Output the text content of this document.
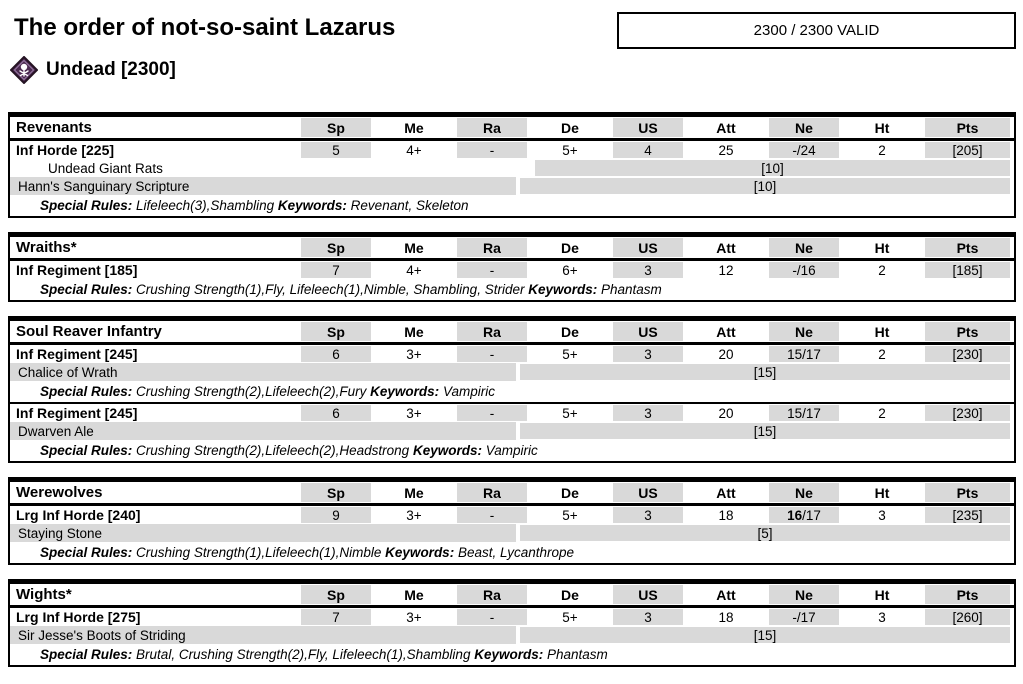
The order of not-so-saint Lazarus	2300 / 2300 VALID
Undead [2300]
Revenants	Sp	Me	Ra	De	US	Att	Ne	Ht	Pts
Inf Horde [225]	5	4+	-	5+	4	25	-/24	2	[205]
Undead Giant Rats	[10]
Hann's Sanguinary Scripture	[10]
Special Rules: Lifeleech(3),Shambling Keywords: Revenant, Skeleton
Wraiths*	Sp	Me	Ra	De	US	Att	Ne	Ht	Pts
Inf Regiment [185]	7	4+	-	6+	3	12	-/16	2	[185]
Special Rules: Crushing Strength(1),Fly, Lifeleech(1),Nimble, Shambling, Strider Keywords: Phantasm
Soul Reaver Infantry	Sp	Me	Ra	De	US	Att	Ne	Ht	Pts
Inf Regiment [245]	6	3+	-	5+	3	20	15/17	2	[230]
Chalice of Wrath	[15]
Special Rules: Crushing Strength(2),Lifeleech(2),Fury Keywords: Vampiric
Inf Regiment [245]	6	3+	-	5+	3	20	15/17	2	[230]
Dwarven Ale	[15]
Special Rules: Crushing Strength(2),Lifeleech(2),Headstrong Keywords: Vampiric
Werewolves	Sp	Me	Ra	De	US	Att	Ne	Ht	Pts
Lrg Inf Horde [240]	9	3+	-	5+	3	18	16 /17	3	[235]
Staying Stone	[5]
Special Rules: Crushing Strength(1),Lifeleech(1),Nimble Keywords: Beast, Lycanthrope
Wights*	Sp	Me	Ra	De	US	Att	Ne	Ht	Pts
Lrg Inf Horde [275]	7	3+	-	5+	3	18	-/17	3	[260]
Sir Jesse's Boots of Striding	[15]
Special Rules: Brutal, Crushing Strength(2),Fly, Lifeleech(1),Shambling Keywords: Phantasm
